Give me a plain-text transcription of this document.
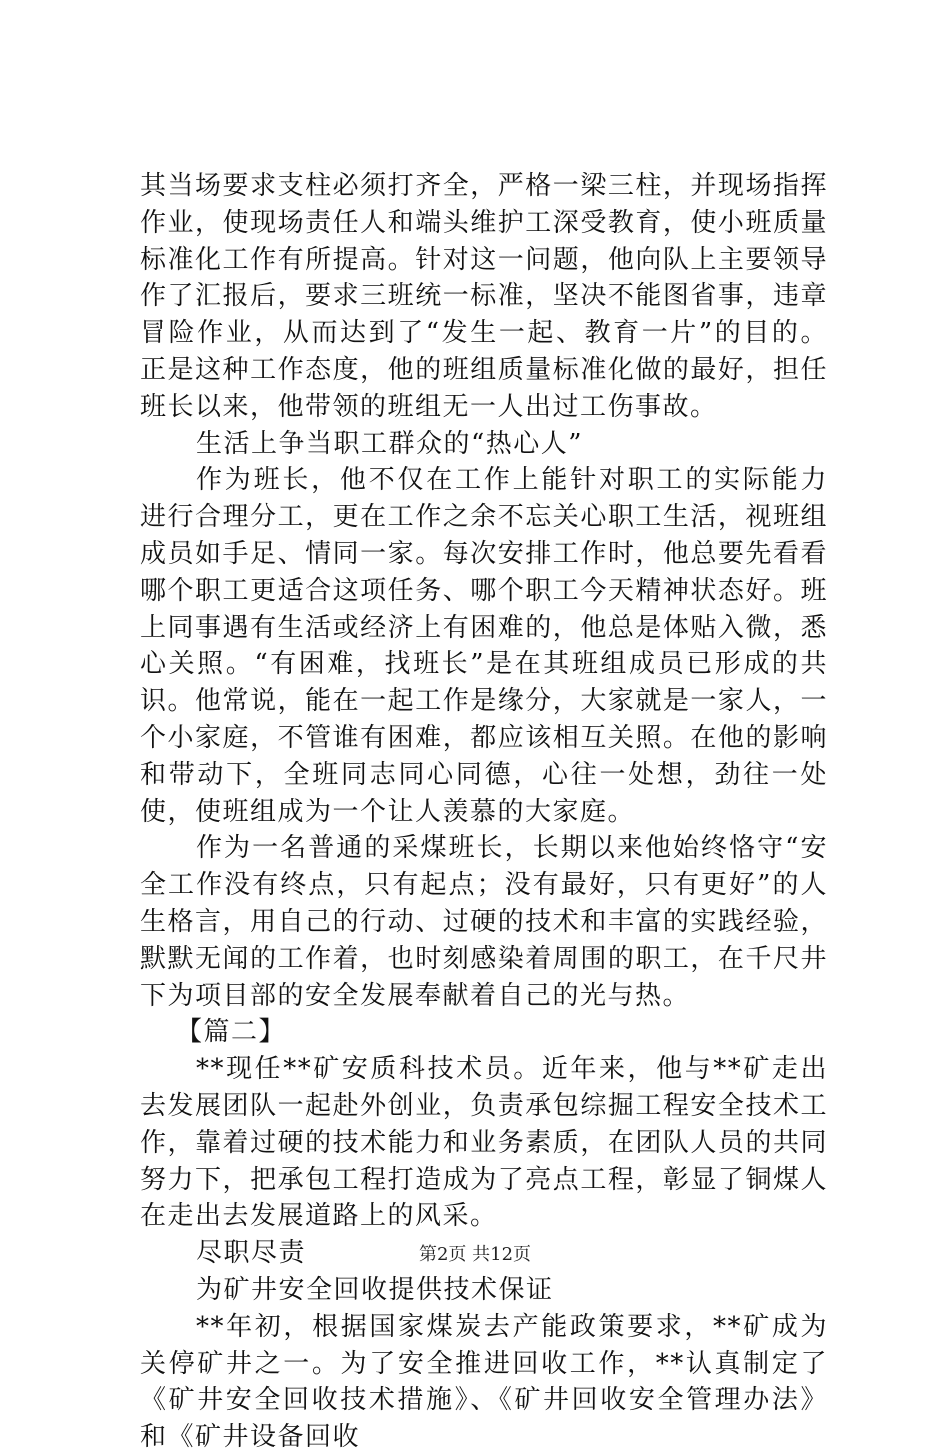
其当场要求支柱必须打齐全，严格一梁三柱，并现场指挥作业，使现场责任人和端头维护工深受教育，使小班质量标准化工作有所提高。针对这一问题，他向队上主要领导作了汇报后，要求三班统一标准，坚决不能图省事，违章冒险作业，从而达到了“发生一起、教育一片”的目的。正是这种工作态度，他的班组质量标准化做的最好，担任班长以来，他带领的班组无一人出过工伤事故。

生活上争当职工群众的“热心人”

作为班长，他不仅在工作上能针对职工的实际能力进行合理分工，更在工作之余不忘关心职工生活，视班组成员如手足、情同一家。每次安排工作时，他总要先看看哪个职工更适合这项任务、哪个职工今天精神状态好。班上同事遇有生活或经济上有困难的，他总是体贴入微，悉心关照。“有困难，找班长”是在其班组成员已形成的共识。他常说，能在一起工作是缘分，大家就是一家人，一个小家庭，不管谁有困难，都应该相互关照。在他的影响和带动下，全班同志同心同德，心往一处想，劲往一处使，使班组成为一个让人羡慕的大家庭。

作为一名普通的采煤班长，长期以来他始终恪守“安全工作没有终点，只有起点；没有最好，只有更好”的人生格言，用自己的行动、过硬的技术和丰富的实践经验，默默无闻的工作着，也时刻感染着周围的职工，在千尺井下为项目部的安全发展奉献着自己的光与热。

【篇二】

**现任**矿安质科技术员。近年来，他与**矿走出去发展团队一起赴外创业，负责承包综掘工程安全技术工作，靠着过硬的技术能力和业务素质，在团队人员的共同努力下，把承包工程打造成为了亮点工程，彰显了铜煤人在走出去发展道路上的风采。

尽职尽责

为矿井安全回收提供技术保证

**年初，根据国家煤炭去产能政策要求，**矿成为关停矿井之一。为了安全推进回收工作，**认真制定了《矿井安全回收技术措施》、《矿井回收安全管理办法》和《矿井设备回收

第2页 共12页
